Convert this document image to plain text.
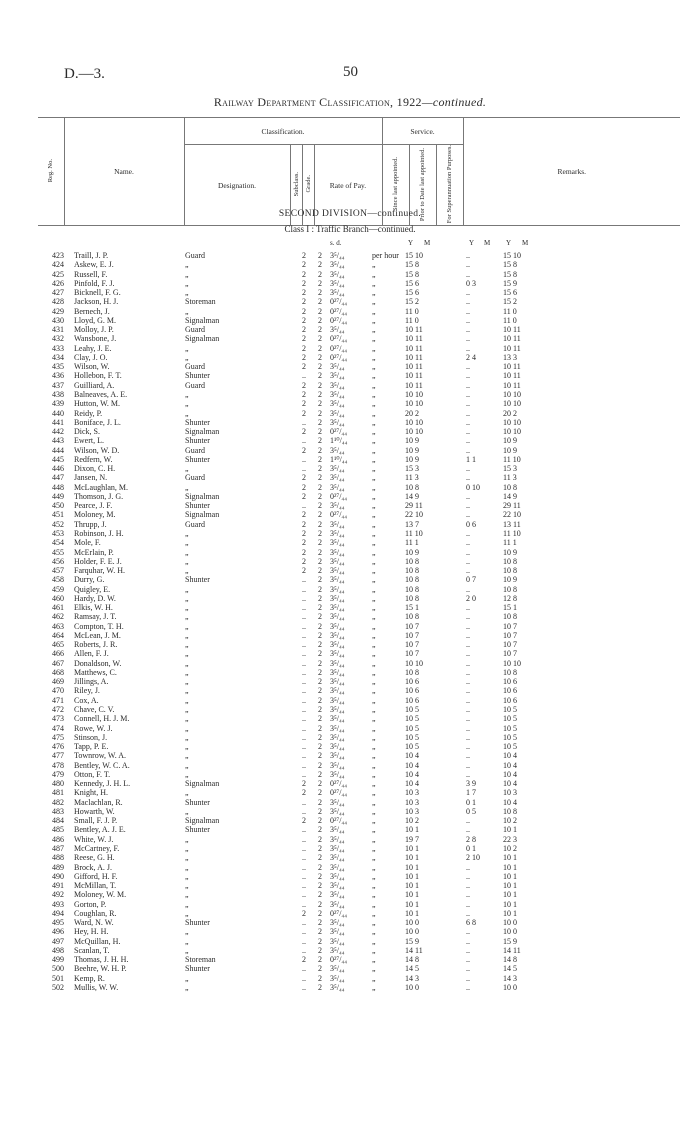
D.—3.	50
Railway Department Classification, 1922—continued.
Reg. No.	Name.	Classification.				Service.			Remarks.
		Designation.	Subclass.	Grade.	Rate of Pay.	Since last appointed.	Prior to Date last appointed.	For Superannuation Purposes.	
SECOND DIVISION—continued.
Class I : Traffic Branch—continued.
s. d.	Y M	Y M Y M
423 Traill, J. P.	Guard	2	2 3⁵/₄₄	per hour 15 10	..	15 10
424 Askew, E. J.	„	2	2 3⁵/₄₄	„	15 8	..	15 8
425 Russell, F.	„	2	2 3⁵/₄₄	„	15 8	..	15 8
426 Pinfold, F. J.	„	2	2 3⁵/₄₄	„	15 6	0 3	15 9
427 Bicknell, F. G.	„	2	2 3⁵/₄₄	„	15 6	..	15 6
428 Jackson, H. J.	Storeman	2	2 0²⁷/₄₄	„	15 2	..	15 2
429 Bernech, J.	„	2	2 0²⁷/₄₄	„	11 0	..	11 0
430 Lloyd, G. M.	Signalman	2	2 0²⁷/₄₄	„	11 0	..	11 0
431 Molloy, J. P.	Guard	2	2 3⁵/₄₄	„	10 11	..	10 11
432 Wansbone, J.	Signalman	2	2 0²⁷/₄₄	„	10 11	..	10 11
433 Leahy, J. E.	„	2	2 0²⁷/₄₄	„	10 11	..	10 11
434 Clay, J. O.	„	2	2 0²⁷/₄₄	„	10 11	2 4	13 3
435 Wilson, W.	Guard	2	2 3⁵/₄₄	„	10 11	..	10 11
436 Hollebon, F. T.	Shunter	..	2 3⁵/₄₄	„	10 11	..	10 11
437 Guilliard, A.	Guard	2	2 3⁵/₄₄	„	10 11	..	10 11
438 Balneaves, A. E.	„	2	2 3⁵/₄₄	„	10 10	..	10 10
439 Hutton, W. M.	„	2	2 3⁵/₄₄	„	10 10	..	10 10
440 Reidy, P.	„	2	2 3⁵/₄₄	„	20 2	..	20 2
441 Boniface, J. L.	Shunter	..	2 3⁵/₄₄	„	10 10	..	10 10
442 Dick, S.	Signalman	2	2 0²⁷/₄₄	„	10 10	..	10 10
443 Ewert, L.	Shunter	..	2 1¹⁰/₄₄	„	10 9	..	10 9
444 Wilson, W. D.	Guard	2	2 3⁵/₄₄	„	10 9	..	10 9
445 Redfern, W.	Shunter	..	2 1¹⁰/₄₄	„	10 9	1 1	11 10
446 Dixon, C. H.	„	..	2 3⁵/₄₄	„	15 3	..	15 3
447 Jansen, N.	Guard	2	2 3⁵/₄₄	„	11 3	..	11 3
448 McLaughlan, M.	„	2	2 3⁵/₄₄	„	10 8	0 10	10 8
449 Thomson, J. G.	Signalman	2	2 0²⁷/₄₄	„	14 9	..	14 9
450 Pearce, J. F.	Shunter	..	2 3⁵/₄₄	„	29 11	..	29 11
451 Moloney, M.	Signalman	2	2 0²⁷/₄₄	„	22 10	..	22 10
452 Thrupp, J.	Guard	2	2 3⁵/₄₄	„	13 7	0 6	13 11
453 Robinson, J. H.	„	2	2 3⁵/₄₄	„	11 10	..	11 10
454 Mole, F.	„	2	2 3⁵/₄₄	„	11 1	..	11 1
455 McErlain, P.	„	2	2 3⁵/₄₄	„	10 9	..	10 9
456 Holder, F. E. J.	„	2	2 3⁵/₄₄	„	10 8	..	10 8
457 Farquhar, W. H.	„	2	2 3⁵/₄₄	„	10 8	..	10 8
458 Durry, G.	Shunter	..	2 3⁵/₄₄	„	10 8	0 7	10 9
459 Quigley, E.	„	..	2 3⁵/₄₄	„	10 8	..	10 8
460 Hardy, D. W.	„	..	2 3⁵/₄₄	„	10 8	2 0	12 8
461 Elkis, W. H.	„	..	2 3⁵/₄₄	„	15 1	..	15 1
462 Ramsay, J. T.	„	..	2 3⁵/₄₄	„	10 8	..	10 8
463 Compton, T. H.	„	..	2 3⁵/₄₄	„	10 7	..	10 7
464 McLean, J. M.	„	..	2 3⁵/₄₄	„	10 7	..	10 7
465 Roberts, J. R.	„	..	2 3⁵/₄₄	„	10 7	..	10 7
466 Allen, F. J.	„	..	2 3⁵/₄₄	„	10 7	..	10 7
467 Donaldson, W.	„	..	2 3⁵/₄₄	„	10 10	..	10 10
468 Matthews, C.	„	..	2 3⁵/₄₄	„	10 8	..	10 8
469 Jillings, A.	„	..	2 3⁵/₄₄	„	10 6	..	10 6
470 Riley, J.	„	..	2 3⁵/₄₄	„	10 6	..	10 6
471 Cox, A.	„	..	2 3⁵/₄₄	„	10 6	..	10 6
472 Chave, C. V.	„	..	2 3⁵/₄₄	„	10 5	..	10 5
473 Connell, H. J. M.	„	..	2 3⁵/₄₄	„	10 5	..	10 5
474 Rowe, W. J.	„	..	2 3⁵/₄₄	„	10 5	..	10 5
475 Stinson, J.	„	..	2 3⁵/₄₄	„	10 5	..	10 5
476 Tapp, P. E.	„	..	2 3⁵/₄₄	„	10 5	..	10 5
477 Townrow, W. A.	„	..	2 3⁵/₄₄	„	10 4	..	10 4
478 Bentley, W. C. A.	„	..	2 3⁵/₄₄	„	10 4	..	10 4
479 Otton, F. T.	„	..	2 3⁵/₄₄	„	10 4	..	10 4
480 Kennedy, J. H. L.	Signalman	2	2 0²⁷/₄₄	„	10 4	3 9	10 4
481 Knight, H.	„	2	2 0²⁷/₄₄	„	10 3	1 7	10 3
482 Maclachlan, R.	Shunter	..	2 3⁵/₄₄	„	10 3	0 1	10 4
483 Howarth, W.	„	..	2 3⁵/₄₄	„	10 3	0 5	10 8
484 Small, F. J. P.	Signalman	2	2 0²⁷/₄₄	„	10 2	..	10 2
485 Bentley, A. J. E.	Shunter	..	2 3⁵/₄₄	„	10 1	..	10 1
486 White, W. J.	„	..	2 3⁵/₄₄	„	19 7	2 8	22 3
487 McCartney, F.	„	..	2 3⁵/₄₄	„	10 1	0 1	10 2
488 Reese, G. H.	„	..	2 3⁵/₄₄	„	10 1	2 10	10 1
489 Brock, A. J.	„	..	2 3⁵/₄₄	„	10 1	..	10 1
490 Gifford, H. F.	„	..	2 3⁵/₄₄	„	10 1	..	10 1
491 McMillan, T.	„	..	2 3⁵/₄₄	„	10 1	..	10 1
492 Moloney, W. M.	„	..	2 3⁵/₄₄	„	10 1	..	10 1
493 Gorton, P.	„	..	2 3⁵/₄₄	„	10 1	..	10 1
494 Coughlan, R.	„	2	2 0²⁷/₄₄	„	10 1	..	10 1
495 Ward, N. W.	Shunter	..	2 3⁵/₄₄	„	10 0	6 8	10 0
496 Hey, H. H.	„	..	2 3⁵/₄₄	„	10 0	..	10 0
497 McQuillan, H.	„	..	2 3⁵/₄₄	„	15 9	..	15 9
498 Scanlan, T.	„	..	2 3⁵/₄₄	„	14 11	..	14 11
499 Thomas, J. H. H.	Storeman	2	2 0²⁷/₄₄	„	14 8	..	14 8
500 Beehre, W. H. P.	Shunter	..	2 3⁵/₄₄	„	14 5	..	14 5
501 Kemp, R.	„	..	2 3⁵/₄₄	„	14 3	..	14 3
502 Mullis, W. W.	„	..	2 3⁵/₄₄	„	10 0	..	10 0
